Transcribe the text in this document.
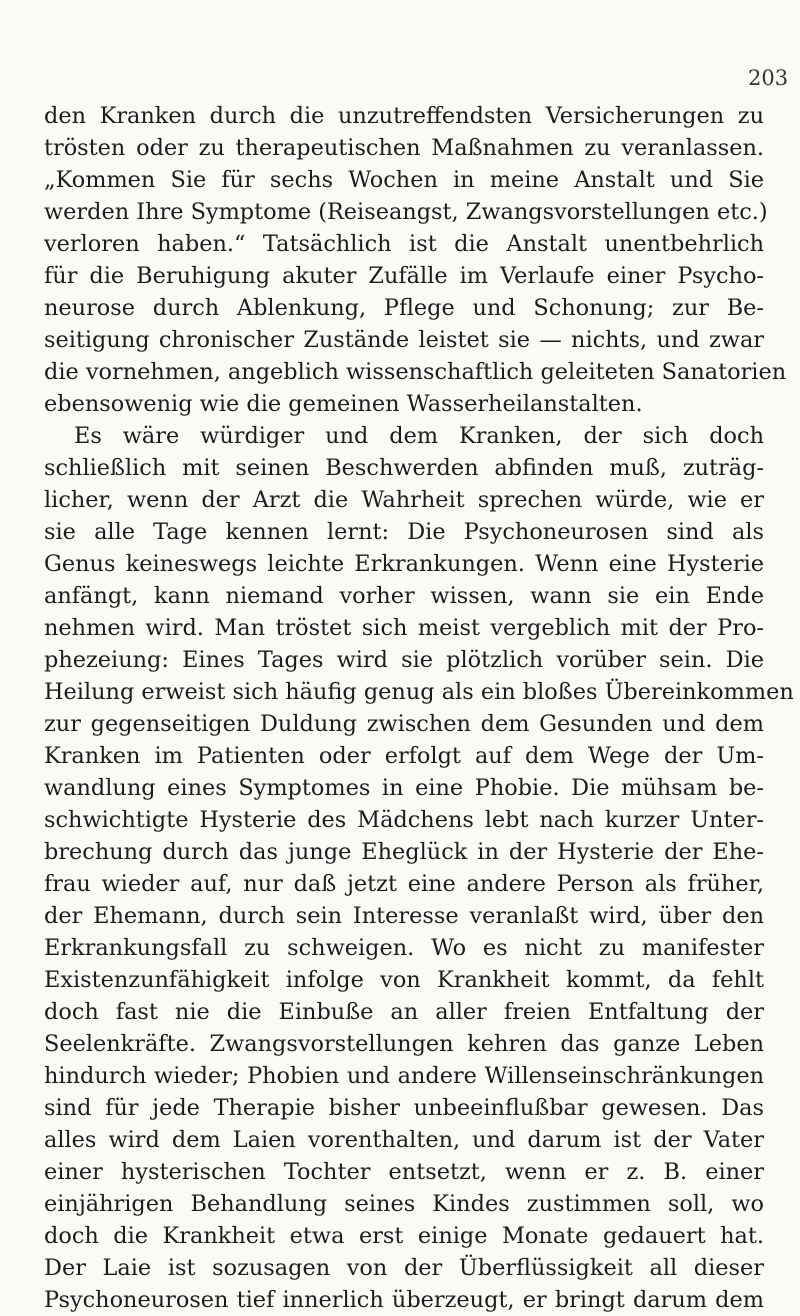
203
den Kranken durch die unzutreffendsten Versicherungen zu
trösten oder zu therapeutischen Maßnahmen zu veranlassen.
„Kommen Sie für sechs Wochen in meine Anstalt und Sie
werden Ihre Symptome (Reiseangst, Zwangsvorstellungen etc.)
verloren haben.“ Tatsächlich ist die Anstalt unentbehrlich
für die Beruhigung akuter Zufälle im Verlaufe einer Psycho-
neurose durch Ablenkung, Pflege und Schonung; zur Be-
seitigung chronischer Zustände leistet sie — nichts, und zwar
die vornehmen, angeblich wissenschaftlich geleiteten Sanatorien
ebensowenig wie die gemeinen Wasserheilanstalten.
Es wäre würdiger und dem Kranken, der sich doch
schließlich mit seinen Beschwerden abfinden muß, zuträg-
licher, wenn der Arzt die Wahrheit sprechen würde, wie er
sie alle Tage kennen lernt: Die Psychoneurosen sind als
Genus keineswegs leichte Erkrankungen. Wenn eine Hysterie
anfängt, kann niemand vorher wissen, wann sie ein Ende
nehmen wird. Man tröstet sich meist vergeblich mit der Pro-
phezeiung: Eines Tages wird sie plötzlich vorüber sein. Die
Heilung erweist sich häufig genug als ein bloßes Übereinkommen
zur gegenseitigen Duldung zwischen dem Gesunden und dem
Kranken im Patienten oder erfolgt auf dem Wege der Um-
wandlung eines Symptomes in eine Phobie. Die mühsam be-
schwichtigte Hysterie des Mädchens lebt nach kurzer Unter-
brechung durch das junge Eheglück in der Hysterie der Ehe-
frau wieder auf, nur daß jetzt eine andere Person als früher,
der Ehemann, durch sein Interesse veranlaßt wird, über den
Erkrankungsfall zu schweigen. Wo es nicht zu manifester
Existenzunfähigkeit infolge von Krankheit kommt, da fehlt
doch fast nie die Einbuße an aller freien Entfaltung der
Seelenkräfte. Zwangsvorstellungen kehren das ganze Leben
hindurch wieder; Phobien und andere Willenseinschränkungen
sind für jede Therapie bisher unbeeinflußbar gewesen. Das
alles wird dem Laien vorenthalten, und darum ist der Vater
einer hysterischen Tochter entsetzt, wenn er z. B. einer
einjährigen Behandlung seines Kindes zustimmen soll, wo
doch die Krankheit etwa erst einige Monate gedauert hat.
Der Laie ist sozusagen von der Überflüssigkeit all dieser
Psychoneurosen tief innerlich überzeugt, er bringt darum dem
